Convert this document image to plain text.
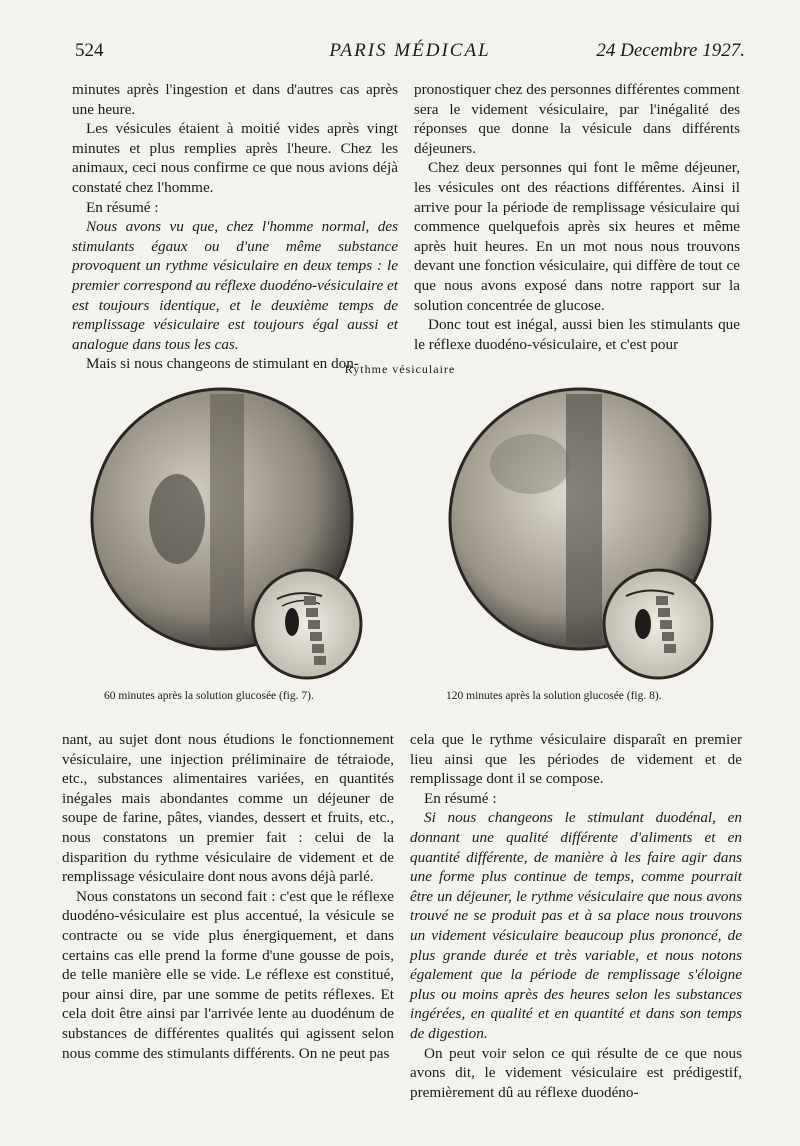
524	PARIS MÉDICAL	24 Decembre 1927.

minutes après l'ingestion et dans d'autres cas après une heure.

Les vésicules étaient à moitié vides après vingt minutes et plus remplies après l'heure. Chez les animaux, ceci nous confirme ce que nous avions déjà constaté chez l'homme.

En résumé :

Nous avons vu que, chez l'homme normal, des stimulants égaux ou d'une même substance provoquent un rythme vésiculaire en deux temps : le premier correspond au réflexe duodéno-vésiculaire et est toujours identique, et le deuxième temps de remplissage vésiculaire est toujours égal aussi et analogue dans tous les cas.

Mais si nous changeons de stimulant en don-

pronostiquer chez des personnes différentes comment sera le videment vésiculaire, par l'inégalité des réponses que donne la vésicule dans différents déjeuners.

Chez deux personnes qui font le même déjeuner, les vésicules ont des réactions différentes. Ainsi il arrive pour la période de remplissage vésiculaire qui commence quelquefois après six heures et même après huit heures. En un mot nous nous trouvons devant une fonction vésiculaire, qui diffère de tout ce que nous avons exposé dans notre rapport sur la solution concentrée de glucose.

Donc tout est inégal, aussi bien les stimulants que le réflexe duodéno-vésiculaire, et c'est pour

Rythme vésiculaire
60 minutes après la solution glucosée (fig. 7).	120 minutes après la solution glucosée (fig. 8).

nant, au sujet dont nous étudions le fonctionnement vésiculaire, une injection préliminaire de tétraiode, etc., substances alimentaires variées, en quantités inégales mais abondantes comme un déjeuner de soupe de farine, pâtes, viandes, dessert et fruits, etc., nous constatons un premier fait : celui de la disparition du rythme vésiculaire de videment et de remplissage vésiculaire dont nous avons déjà parlé.

Nous constatons un second fait : c'est que le réflexe duodéno-vésiculaire est plus accentué, la vésicule se contracte ou se vide plus énergiquement, et dans certains cas elle prend la forme d'une gousse de pois, de telle manière elle se vide. Le réflexe est constitué, pour ainsi dire, par une somme de petits réflexes. Et cela doit être ainsi par l'arrivée lente au duodénum de substances de différentes qualités qui agissent selon nous comme des stimulants différents. On ne peut pas

cela que le rythme vésiculaire disparaît en premier lieu ainsi que les périodes de videment et de remplissage dont il se compose.

En résumé :

Si nous changeons le stimulant duodénal, en donnant une qualité différente d'aliments et en quantité différente, de manière à les faire agir dans une forme plus continue de temps, comme pourrait être un déjeuner, le rythme vésiculaire que nous avons trouvé ne se produit pas et à sa place nous trouvons un videment vésiculaire beaucoup plus prononcé, de plus grande durée et très variable, et nous notons également que la période de remplissage s'éloigne plus ou moins après des heures selon les substances ingérées, en qualité et en quantité et dans son temps de digestion.

On peut voir selon ce qui résulte de ce que nous avons dit, le videment vésiculaire est prédigestif, premièrement dû au réflexe duodéno-
